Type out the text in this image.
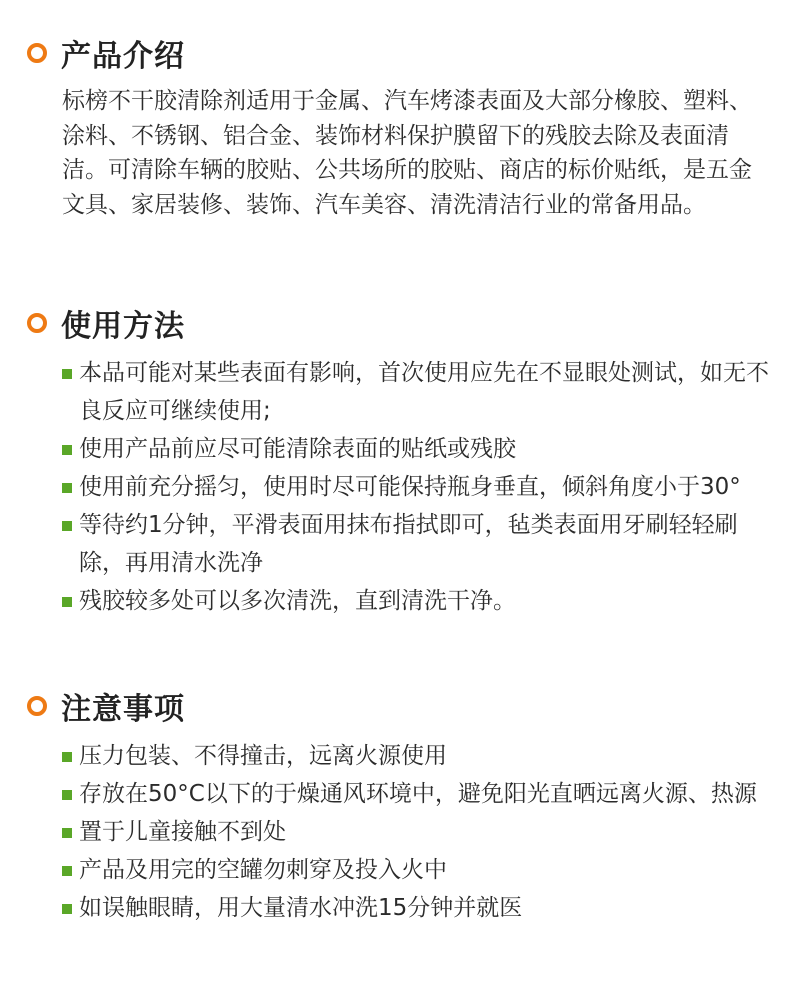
产品介绍

标榜不干胶清除剂适用于金属、汽车烤漆表面及大部分橡胶、塑料、涂料、不锈钢、铝合金、装饰材料保护膜留下的残胶去除及表面清洁。可清除车辆的胶贴、公共场所的胶贴、商店的标价贴纸，是五金文具、家居装修、装饰、汽车美容、清洗清洁行业的常备用品。

使用方法
本品可能对某些表面有影响，首次使用应先在不显眼处测试，如无不良反应可继续使用;
使用产品前应尽可能清除表面的贴纸或残胶
使用前充分摇匀，使用时尽可能保持瓶身垂直，倾斜角度小于30°
等待约1分钟，平滑表面用抹布指拭即可，毡类表面用牙刷轻轻刷除，再用清水洗净
残胶较多处可以多次清洗，直到清洗干净。
注意事项
压力包装、不得撞击，远离火源使用
存放在50°C以下的于燥通风环境中，避免阳光直晒远离火源、热源
置于儿童接触不到处
产品及用完的空罐勿刺穿及投入火中
如误触眼睛，用大量清水冲洗15分钟并就医
